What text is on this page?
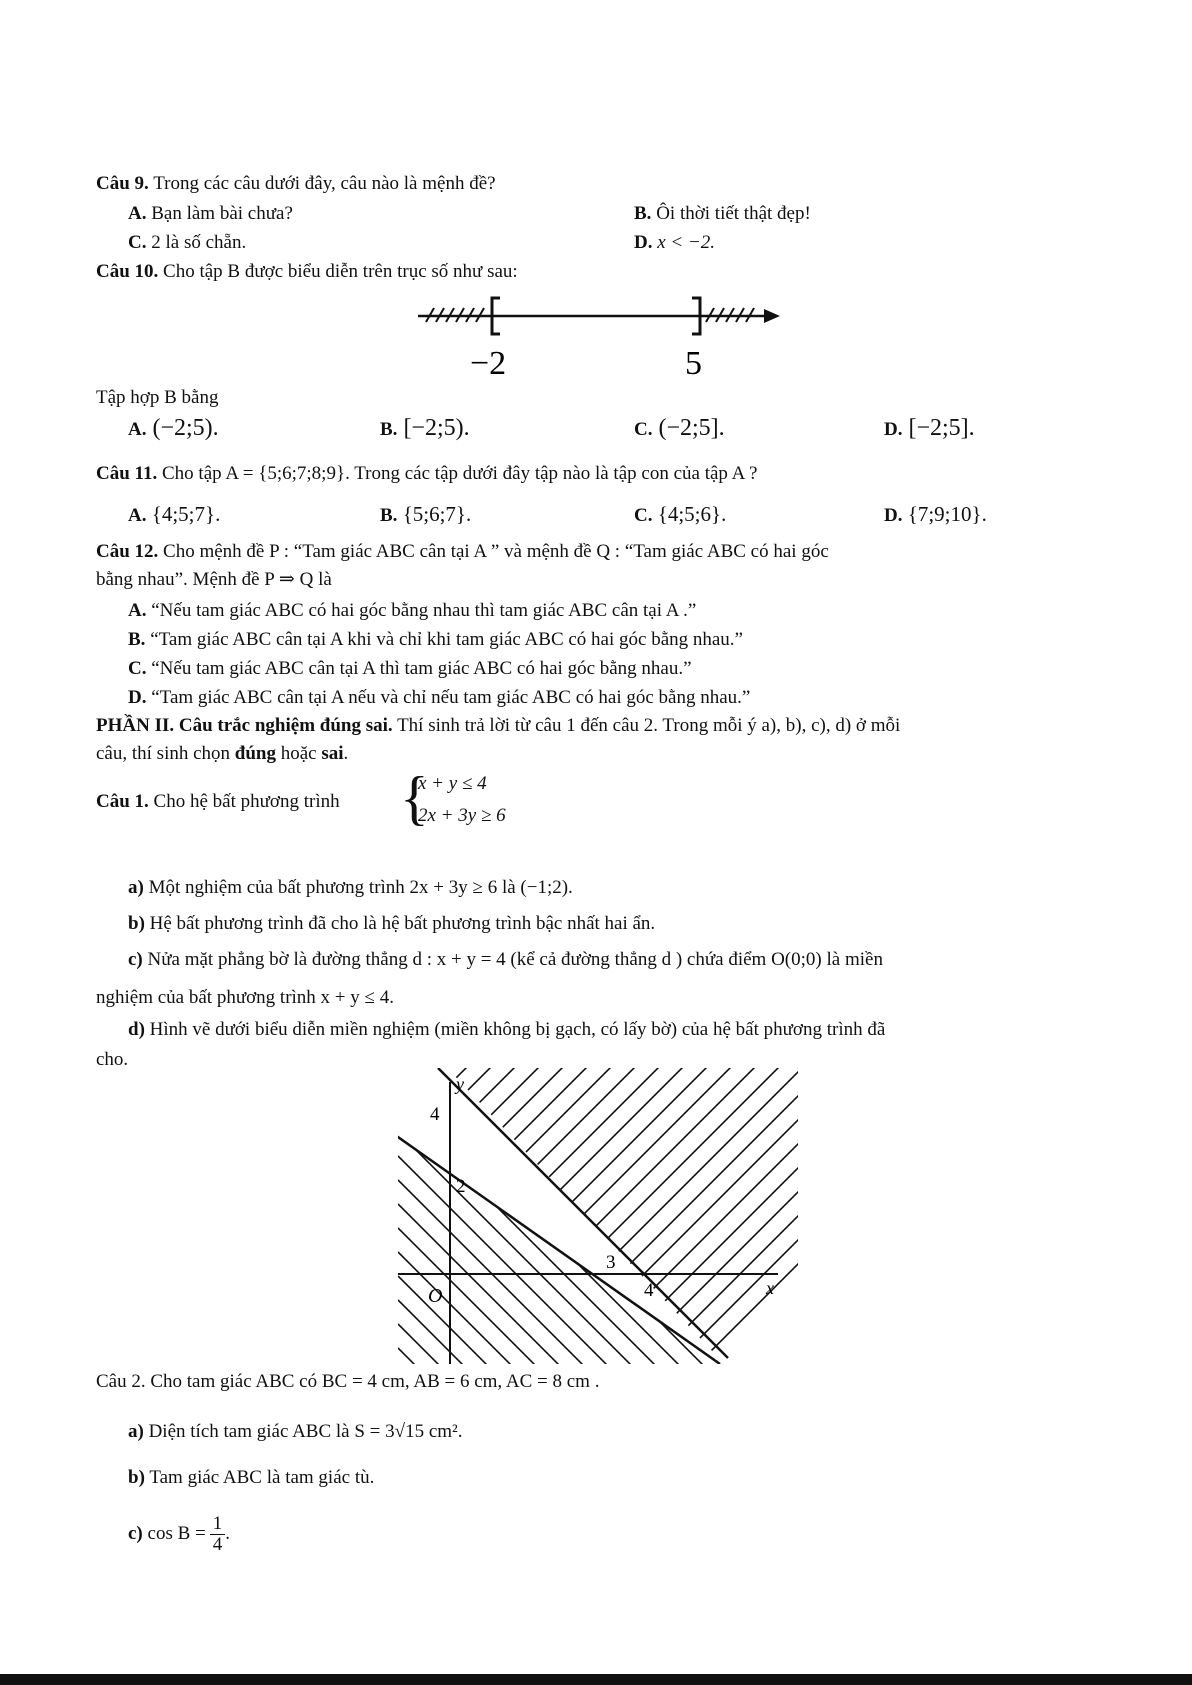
Câu 9. Trong các câu dưới đây, câu nào là mệnh đề?
A. Bạn làm bài chưa?	B. Ôi thời tiết thật đẹp!
C. 2 là số chẵn.	D. x < −2.
Câu 10. Cho tập B được biểu diễn trên trục số như sau:
−2	5
Tập hợp B bằng
A. (−2;5).	B. [−2;5).	C. (−2;5].	D. [−2;5].
Câu 11. Cho tập A = {5;6;7;8;9}. Trong các tập dưới đây tập nào là tập con của tập A ?
A. {4;5;7}.	B. {5;6;7}.	C. {4;5;6}.	D. {7;9;10}.
Câu 12. Cho mệnh đề P : “Tam giác ABC cân tại A ” và mệnh đề Q : “Tam giác ABC có hai góc
bằng nhau”. Mệnh đề P ⇒ Q là
A. “Nếu tam giác ABC có hai góc bằng nhau thì tam giác ABC cân tại A .”
B. “Tam giác ABC cân tại A khi và chỉ khi tam giác ABC có hai góc bằng nhau.”
C. “Nếu tam giác ABC cân tại A thì tam giác ABC có hai góc bằng nhau.”
D. “Tam giác ABC cân tại A nếu và chỉ nếu tam giác ABC có hai góc bằng nhau.”
PHẦN II. Câu trắc nghiệm đúng sai. Thí sinh trả lời từ câu 1 đến câu 2. Trong mỗi ý a), b), c), d) ở mỗi
câu, thí sinh chọn đúng hoặc sai.
Câu 1. Cho hệ bất phương trình {
x + y ≤ 4
2x + 3y ≥ 6
a) Một nghiệm của bất phương trình 2x + 3y ≥ 6 là (−1;2).
b) Hệ bất phương trình đã cho là hệ bất phương trình bậc nhất hai ẩn.
c) Nửa mặt phẳng bờ là đường thẳng d : x + y = 4 (kể cả đường thẳng d ) chứa điểm O(0;0) là miền
nghiệm của bất phương trình x + y ≤ 4.
d) Hình vẽ dưới biểu diễn miền nghiệm (miền không bị gạch, có lấy bờ) của hệ bất phương trình đã
cho.
y
x
O
4
2
3
4
Câu 2. Cho tam giác ABC có BC = 4 cm, AB = 6 cm, AC = 8 cm .
a) Diện tích tam giác ABC là S = 3√15 cm².
b) Tam giác ABC là tam giác tù.
c) $\cos B = \frac{1}{4}$ .
